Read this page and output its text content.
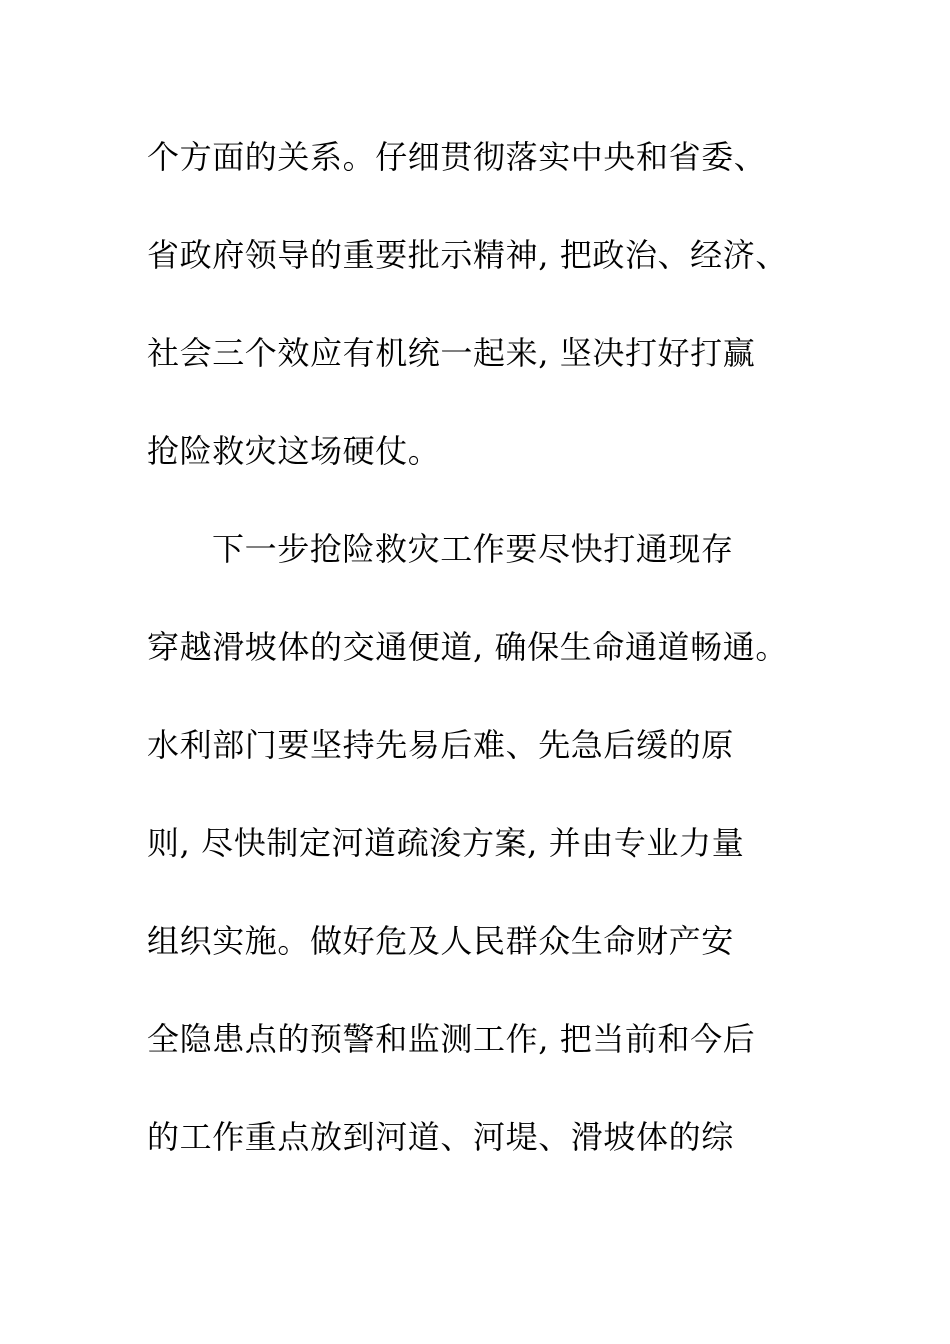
个方面的关系。仔细贯彻落实中央和省委、
省政府领导的重要批示精神, 把政治、经济、
社会三个效应有机统一起来, 坚决打好打赢
抢险救灾这场硬仗。
下一步抢险救灾工作要尽快打通现存
穿越滑坡体的交通便道, 确保生命通道畅通。
水利部门要坚持先易后难、先急后缓的原
则, 尽快制定河道疏浚方案, 并由专业力量
组织实施。做好危及人民群众生命财产安
全隐患点的预警和监测工作, 把当前和今后
的工作重点放到河道、河堤、滑坡体的综
